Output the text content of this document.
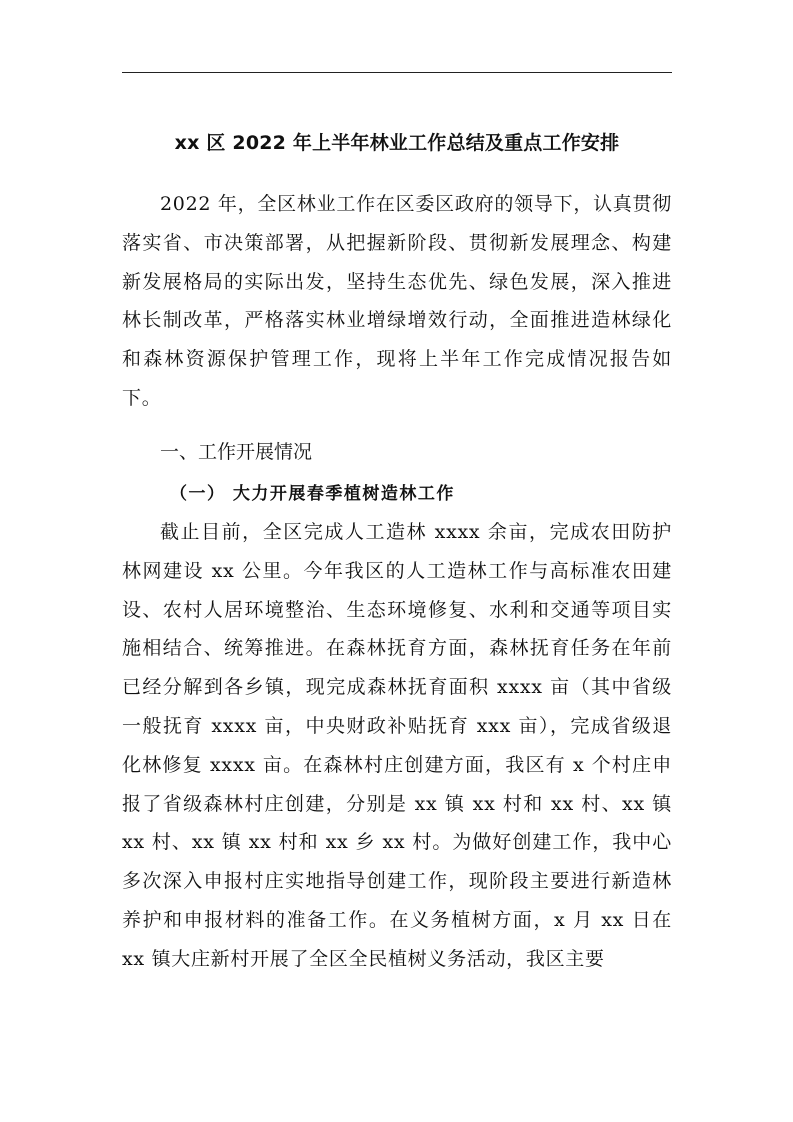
xx 区 2022 年上半年林业工作总结及重点工作安排

2022 年，全区林业工作在区委区政府的领导下，认真贯彻落实省、市决策部署，从把握新阶段、贯彻新发展理念、构建新发展格局的实际出发，坚持生态优先、绿色发展，深入推进林长制改革，严格落实林业增绿增效行动，全面推进造林绿化和森林资源保护管理工作，现将上半年工作完成情况报告如下。

一、工作开展情况
（一） 大力开展春季植树造林工作

截止目前，全区完成人工造林 xxxx 余亩，完成农田防护林网建设 xx 公里。今年我区的人工造林工作与高标准农田建设、农村人居环境整治、生态环境修复、水利和交通等项目实施相结合、统筹推进。在森林抚育方面，森林抚育任务在年前已经分解到各乡镇，现完成森林抚育面积 xxxx 亩（其中省级一般抚育 xxxx 亩，中央财政补贴抚育 xxx 亩），完成省级退化林修复 xxxx 亩。在森林村庄创建方面，我区有 x 个村庄申报了省级森林村庄创建，分别是 xx 镇 xx 村和 xx 村、xx 镇 xx 村、xx 镇 xx 村和 xx 乡 xx 村。为做好创建工作，我中心多次深入申报村庄实地指导创建工作，现阶段主要进行新造林养护和申报材料的准备工作。在义务植树方面，x 月 xx 日在 xx 镇大庄新村开展了全区全民植树义务活动，我区主要
